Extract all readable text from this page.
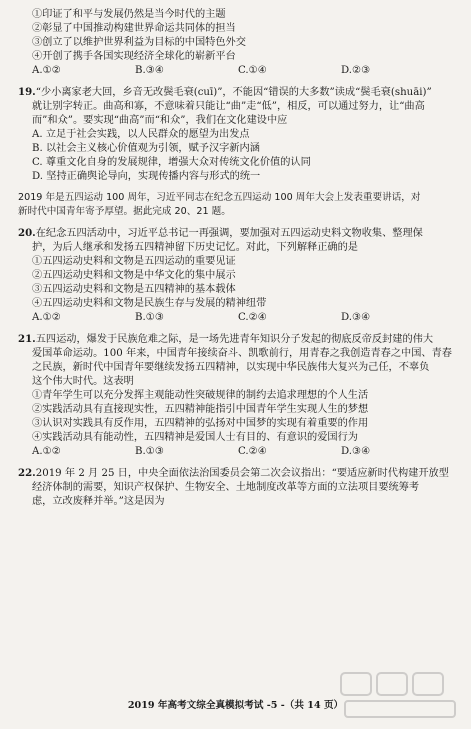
①印证了和平与发展仍然是当今时代的主题
②彰显了中国推动构建世界命运共同体的担当
③创立了以维护世界利益为目标的中国特色外交
④开创了携手各国实现经济全球化的崭新平台
A.①②	B.③④	C.①④	D.②③
19.“少小离家老大回，乡音无改鬓毛衰(cuī)”，不能因“错误的大多数”读成“鬓毛衰(shuāi)”
就让别字转正。曲高和寡，不意味着只能让“曲”走“低”，相反，可以通过努力，让“曲高
而”和众”。要实现“曲高”而“和众”，我们在文化建设中应
A. 立足于社会实践，以人民群众的愿望为出发点
B. 以社会主义核心价值观为引领，赋予汉字新内涵
C. 尊重文化自身的发展规律，增强大众对传统文化价值的认同
D. 坚持正确舆论导向，实现传播内容与形式的统一
2019 年是五四运动 100 周年，习近平同志在纪念五四运动 100 周年大会上发表重要讲话，对
新时代中国青年寄予厚望。据此完成 20、21 题。
20.在纪念五四活动中，习近平总书记一再强调，要加强对五四运动史料文物收集、整理保
护，为后人继承和发扬五四精神留下历史记忆。对此，下列解释正确的是
①五四运动史料和文物是五四运动的重要见证
②五四运动史料和文物是中华文化的集中展示
③五四运动史料和文物是五四精神的基本载体
④五四运动史料和文物是民族生存与发展的精神纽带
A.①②	B.①③	C.②④	D.③④
21.五四运动，爆发于民族危难之际，是一场先进青年知识分子发起的彻底反帝反封建的伟大
爱国革命运动。100 年来，中国青年接续奋斗、凯歌前行，用青春之我创造青春之中国、青春
之民族，新时代中国青年要继续发扬五四精神，以实现中华民族伟大复兴为己任，不辜负
这个伟大时代。这表明
①青年学生可以充分发挥主观能动性突破规律的制约去追求理想的个人生活
②实践活动具有直接现实性，五四精神能指引中国青年学生实现人生的梦想
③认识对实践具有反作用，五四精神的弘扬对中国梦的实现有着重要的作用
④实践活动具有能动性，五四精神是爱国人士有目的、有意识的爱国行为
A.①②	B.①③	C.②④	D.③④
22.2019 年 2 月 25 日，中央全面依法治国委员会第二次会议指出：“要适应新时代构建开放型
经济体制的需要，知识产权保护、生物安全、土地制度改革等方面的立法项目要统筹考
虑，立改废释并举。”这是因为
2019 年高考文综全真模拟考试 -5 -（共 14 页）
